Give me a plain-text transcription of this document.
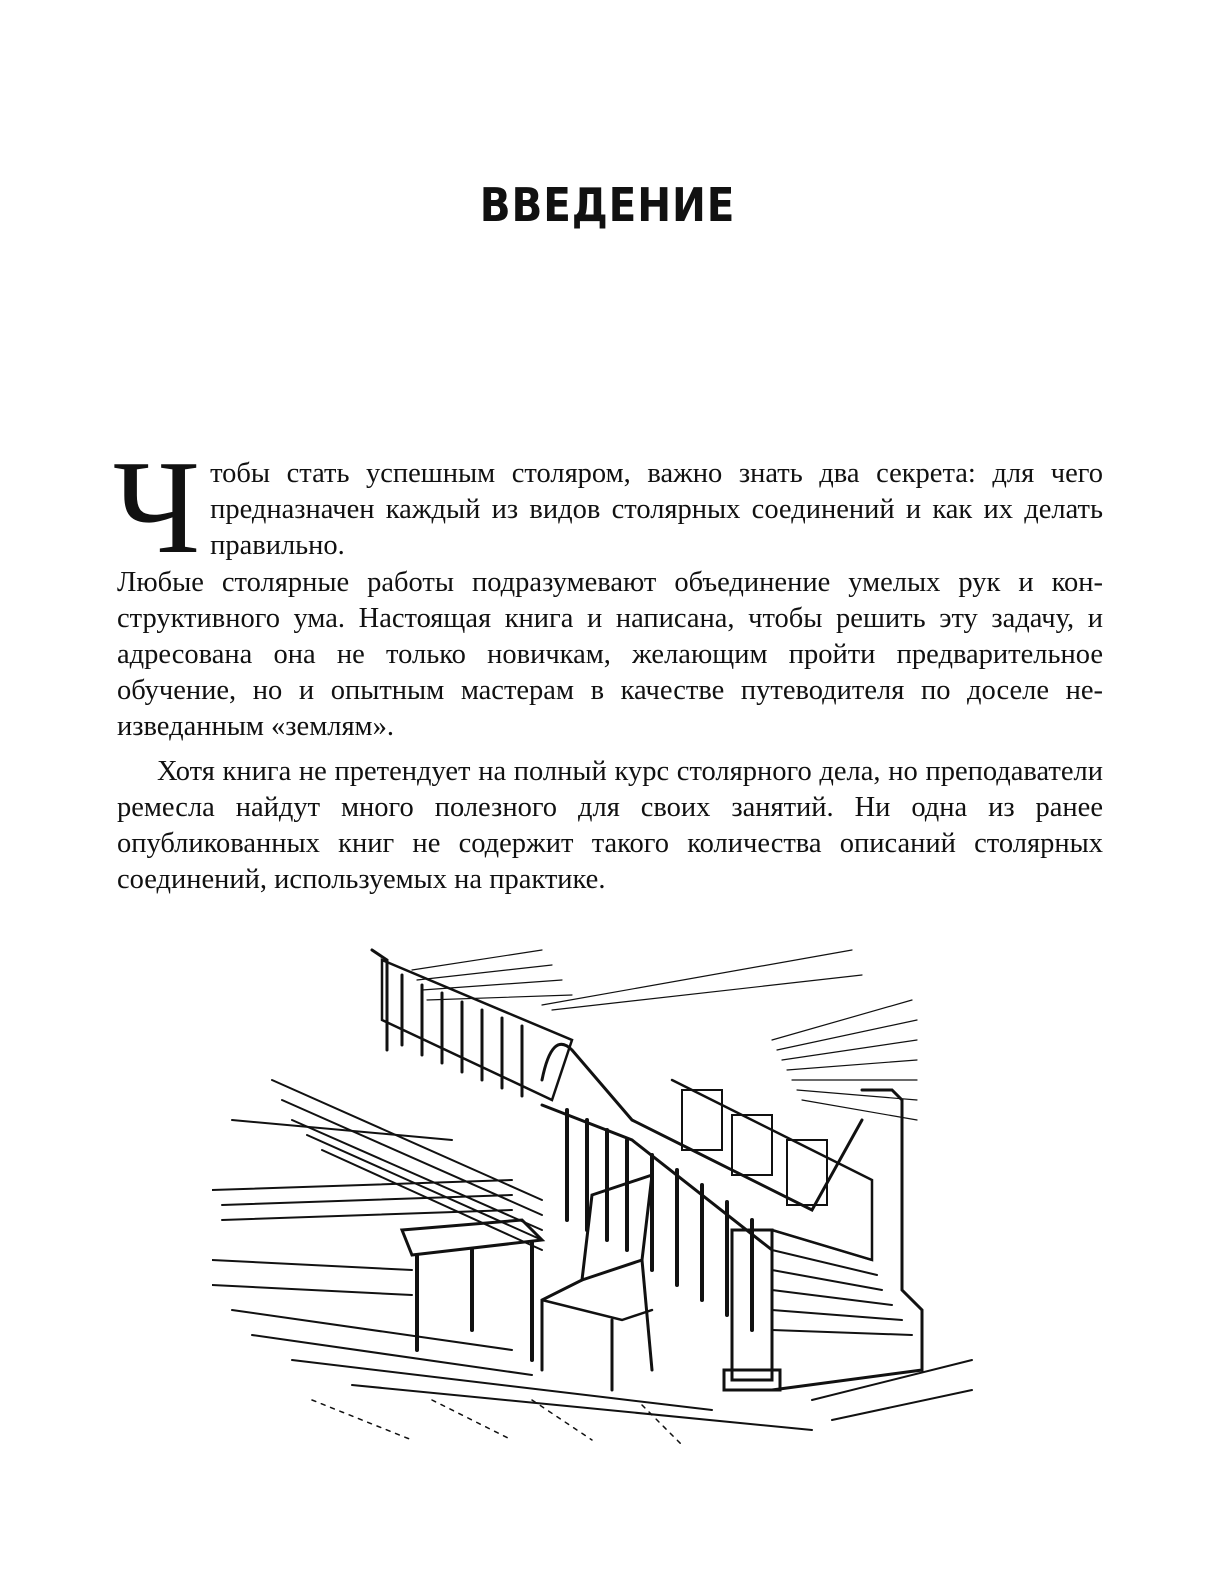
ВВЕДЕНИЕ

Чтобы стать успешным столяром, важно знать два секрета: для чего предназначен каждый из видов столярных соединений и как их делать правильно.

Любые столярные работы подразумевают объединение умелых рук и конструктивного ума. Настоящая книга и написана, чтобы решить эту задачу, и адресована она не только новичкам, желающим пройти предварительное обучение, но и опытным мастерам в качестве путеводителя по доселе неизведанным «землям».

Хотя книга не претендует на полный курс столярного дела, но преподаватели ремесла найдут много полезного для своих занятий. Ни одна из ранее опубликованных книг не содержит такого количества описаний столярных соединений, используемых на практике.
